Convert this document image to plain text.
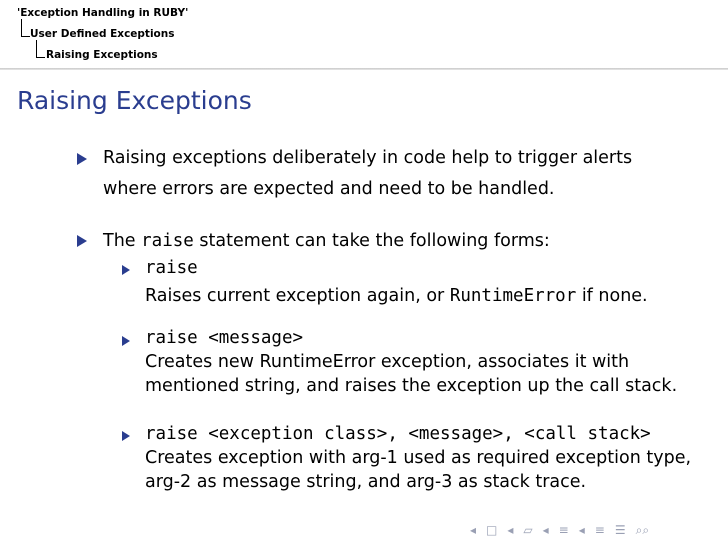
'Exception Handling in RUBY'
User Defined Exceptions
Raising Exceptions
Raising Exceptions
Raising exceptions deliberately in code help to trigger alerts
where errors are expected and need to be handled.
The raise statement can take the following forms:
raise
Raises current exception again, or RuntimeError if none.
raise <message>
Creates new RuntimeError exception, associates it with
mentioned string, and raises the exception up the call stack.
raise <exception class>, <message>, <call stack>
Creates exception with arg-1 used as required exception type,
arg-2 as message string, and arg-3 as stack trace.
◂ □ ◂ ▱ ◂ ≡ ◂ ≡ ☰ ⌕⌕
